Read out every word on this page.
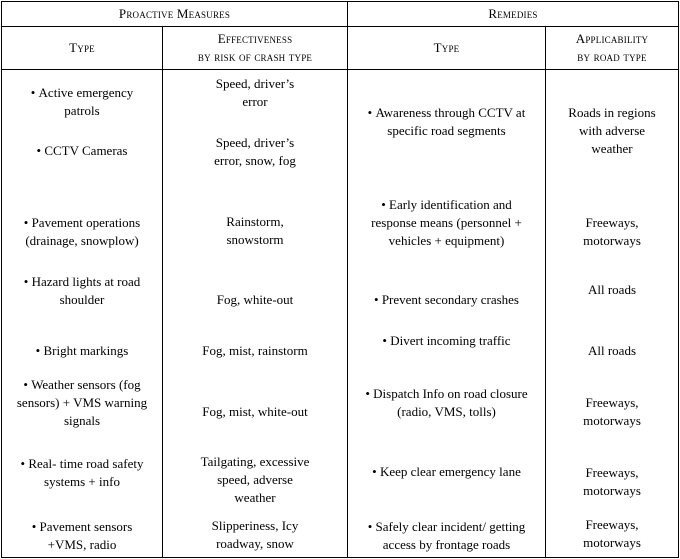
Proactive Measures	Remedies
Type
Effectiveness
by risk of crash type
Type
Applicability
by road type
• Active emergency
patrols
• CCTV Cameras
• Pavement operations
(drainage, snowplow)
• Hazard lights at road
shoulder
• Bright markings
• Weather sensors (fog
sensors) + VMS warning
signals
• Real- time road safety
systems + info
• Pavement sensors
+VMS, radio
Speed, driver’s
error
Speed, driver’s
error, snow, fog
Rainstorm,
snowstorm
Fog, white-out
Fog, mist, rainstorm
Fog, mist, white-out
Tailgating, excessive
speed, adverse
weather
Slipperiness, Icy
roadway, snow
• Awareness through CCTV at
specific road segments
• Early identification and
response means (personnel +
vehicles + equipment)
• Prevent secondary crashes
• Divert incoming traffic
• Dispatch Info on road closure
(radio, VMS, tolls)
• Keep clear emergency lane
• Safely clear incident/ getting
access by frontage roads
Roads in regions
with adverse
weather
Freeways,
motorways
All roads
All roads
Freeways,
motorways
Freeways,
motorways
Freeways,
motorways
